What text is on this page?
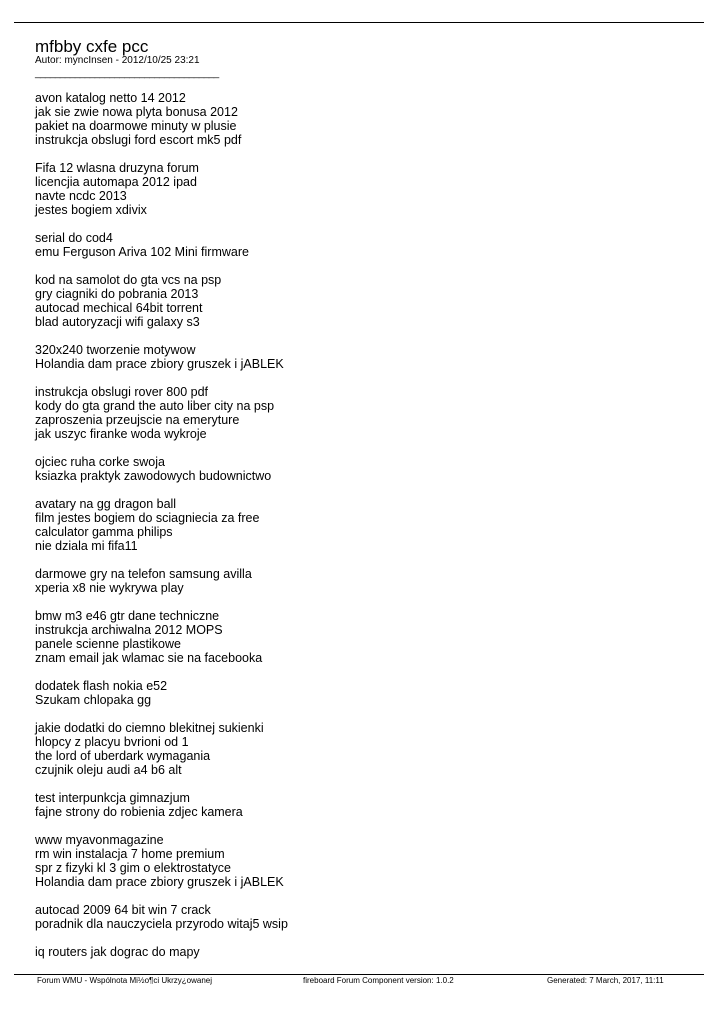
mfbby cxfe pcc
Autor: myncInsen - 2012/10/25 23:21
_____________________________________
avon katalog netto 14 2012
jak sie zwie nowa plyta bonusa 2012
pakiet na doarmowe minuty w plusie
instrukcja obslugi ford escort mk5 pdf
Fifa 12 wlasna druzyna forum
licencjia automapa 2012 ipad
navte ncdc 2013
jestes bogiem xdivix
serial do cod4
emu Ferguson Ariva 102 Mini firmware
kod na samolot do gta vcs na psp
gry ciagniki do pobrania 2013
autocad mechical 64bit torrent
blad autoryzacji wifi galaxy s3
320x240 tworzenie motywow
Holandia dam prace zbiory gruszek i jABLEK
instrukcja obslugi rover 800 pdf
kody do gta grand the auto liber city na psp
zaproszenia przeujscie na emeryture
jak uszyc firanke woda wykroje
ojciec ruha corke swoja
ksiazka praktyk zawodowych budownictwo
avatary na gg dragon ball
film jestes bogiem do sciagniecia za free
calculator gamma philips
nie dziala mi fifa11
darmowe gry na telefon samsung avilla
xperia x8 nie wykrywa play
bmw m3 e46 gtr dane techniczne
instrukcja archiwalna 2012 MOPS
panele scienne plastikowe
znam email jak wlamac sie na facebooka
dodatek flash nokia e52
Szukam chlopaka gg
jakie dodatki do ciemno blekitnej sukienki
hlopcy z placyu bvrioni od 1
the lord of uberdark wymagania
czujnik oleju audi a4 b6 alt
test interpunkcja gimnazjum
fajne strony do robienia zdjec kamera
www myavonmagazine
rm win instalacja 7 home premium
spr z fizyki kl 3 gim o elektrostatyce
Holandia dam prace zbiory gruszek i jABLEK
autocad 2009 64 bit win 7 crack
poradnik dla nauczyciela przyrodo witaj5 wsip
iq routers jak dograc do mapy
Forum WMU - Wspólnota Mi½o¶ci Ukrzy¿owanej	fireboard Forum Component version: 1.0.2	Generated: 7 March, 2017, 11:11
